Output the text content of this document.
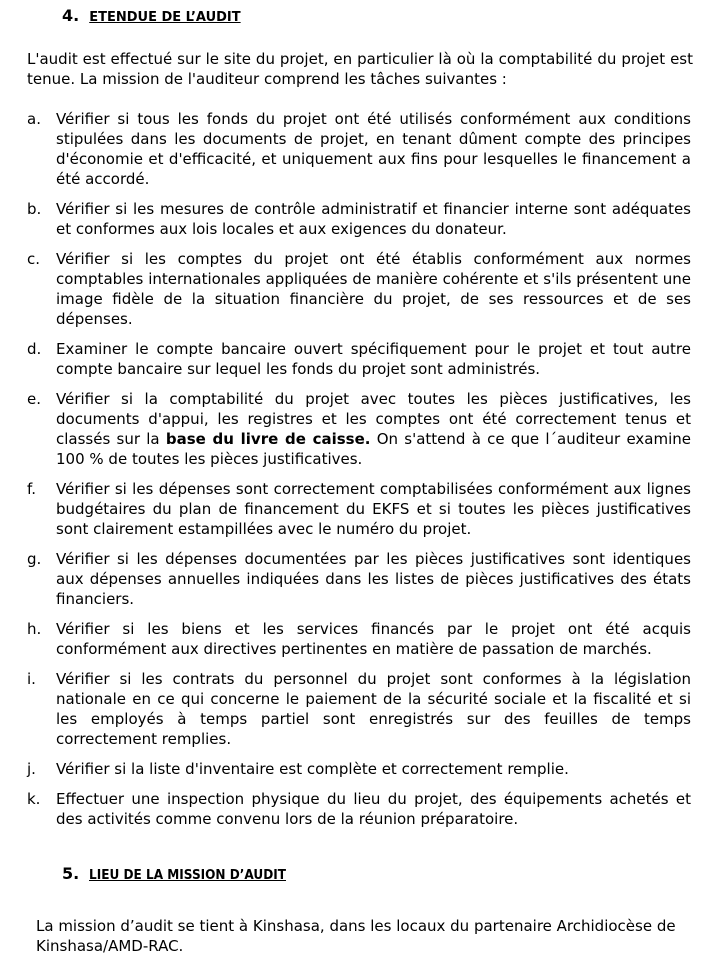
4. ETENDUE DE L’AUDIT

L'audit est effectué sur le site du projet, en particulier là où la comptabilité du projet est tenue. La mission de l'auditeur comprend les tâches suivantes :

a.	Vérifier si tous les fonds du projet ont été utilisés conformément aux conditions stipulées dans les documents de projet, en tenant dûment compte des principes d'économie et d'efficacité, et uniquement aux fins pour lesquelles le financement a été accordé.
b. Vérifier si les mesures de contrôle administratif et financier interne sont adéquates et conformes aux lois locales et aux exigences du donateur.
c.	Vérifier si les comptes du projet ont été établis conformément aux normes comptables internationales appliquées de manière cohérente et s'ils présentent une image fidèle de la situation financière du projet, de ses ressources et de ses dépenses.
d. Examiner le compte bancaire ouvert spécifiquement pour le projet et tout autre compte bancaire sur lequel les fonds du projet sont administrés.
e.	Vérifier si la comptabilité du projet avec toutes les pièces justificatives, les documents d'appui, les registres et les comptes ont été correctement tenus et classés sur la base du livre de caisse. On s'attend à ce que l´auditeur examine 100 % de toutes les pièces justificatives.
f.	Vérifier si les dépenses sont correctement comptabilisées conformément aux lignes budgétaires du plan de financement du EKFS et si toutes les pièces justificatives sont clairement estampillées avec le numéro du projet.
g. Vérifier si les dépenses documentées par les pièces justificatives sont identiques aux dépenses annuelles indiquées dans les listes de pièces justificatives des états financiers.
h. Vérifier si les biens et les services financés par le projet ont été acquis conformément aux directives pertinentes en matière de passation de marchés.
i.	Vérifier si les contrats du personnel du projet sont conformes à la législation nationale en ce qui concerne le paiement de la sécurité sociale et la fiscalité et si les employés à temps partiel sont enregistrés sur des feuilles de temps correctement remplies.
j.	Vérifier si la liste d'inventaire est complète et correctement remplie.
k.	Effectuer une inspection physique du lieu du projet, des équipements achetés et des activités comme convenu lors de la réunion préparatoire.
5. LIEU DE LA MISSION D’AUDIT

La mission d’audit se tient à Kinshasa, dans les locaux du partenaire Archidiocèse de Kinshasa/AMD-RAC.
